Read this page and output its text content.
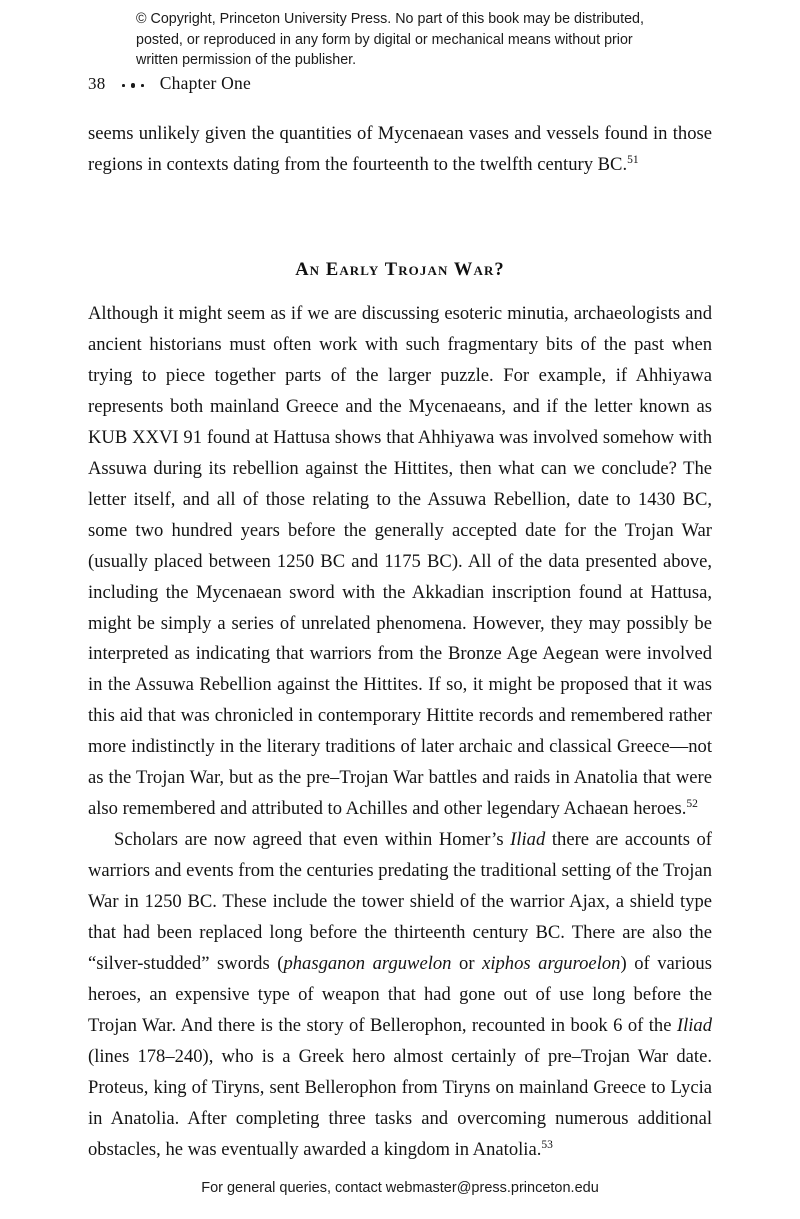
© Copyright, Princeton University Press. No part of this book may be distributed, posted, or reproduced in any form by digital or mechanical means without prior written permission of the publisher.
38	Chapter One

seems unlikely given the quantities of Mycenaean vases and vessels found in those regions in contexts dating from the fourteenth to the twelfth century BC.$^{51}$

An Early Trojan War?

Although it might seem as if we are discussing esoteric minutia, archaeologists and ancient historians must often work with such fragmentary bits of the past when trying to piece together parts of the larger puzzle. For example, if Ahhiyawa represents both mainland Greece and the Mycenaeans, and if the letter known as KUB XXVI 91 found at Hattusa shows that Ahhiyawa was involved somehow with Assuwa during its rebellion against the Hittites, then what can we conclude? The letter itself, and all of those relating to the Assuwa Rebellion, date to 1430 BC, some two hundred years before the generally accepted date for the Trojan War (usually placed between 1250 BC and 1175 BC). All of the data presented above, including the Mycenaean sword with the Akkadian inscription found at Hattusa, might be simply a series of unrelated phenomena. However, they may possibly be interpreted as indicating that warriors from the Bronze Age Aegean were involved in the Assuwa Rebellion against the Hittites. If so, it might be proposed that it was this aid that was chronicled in contemporary Hittite records and remembered rather more indistinctly in the literary traditions of later archaic and classical Greece—not as the Trojan War, but as the pre–Trojan War battles and raids in Anatolia that were also remembered and attributed to Achilles and other legendary Achaean heroes.$^{52}$

Scholars are now agreed that even within Homer’s Iliad there are accounts of warriors and events from the centuries predating the traditional setting of the Trojan War in 1250 BC. These include the tower shield of the warrior Ajax, a shield type that had been replaced long before the thirteenth century BC. There are also the “silver-studded” swords (phasganon arguwelon or xiphos arguroelon) of various heroes, an expensive type of weapon that had gone out of use long before the Trojan War. And there is the story of Bellerophon, recounted in book 6 of the Iliad (lines 178–240), who is a Greek hero almost certainly of pre–Trojan War date. Proteus, king of Tiryns, sent Bellerophon from Tiryns on mainland Greece to Lycia in Anatolia. After completing three tasks and overcoming numerous additional obstacles, he was eventually awarded a kingdom in Anatolia.$^{53}$

For general queries, contact webmaster@press.princeton.edu
